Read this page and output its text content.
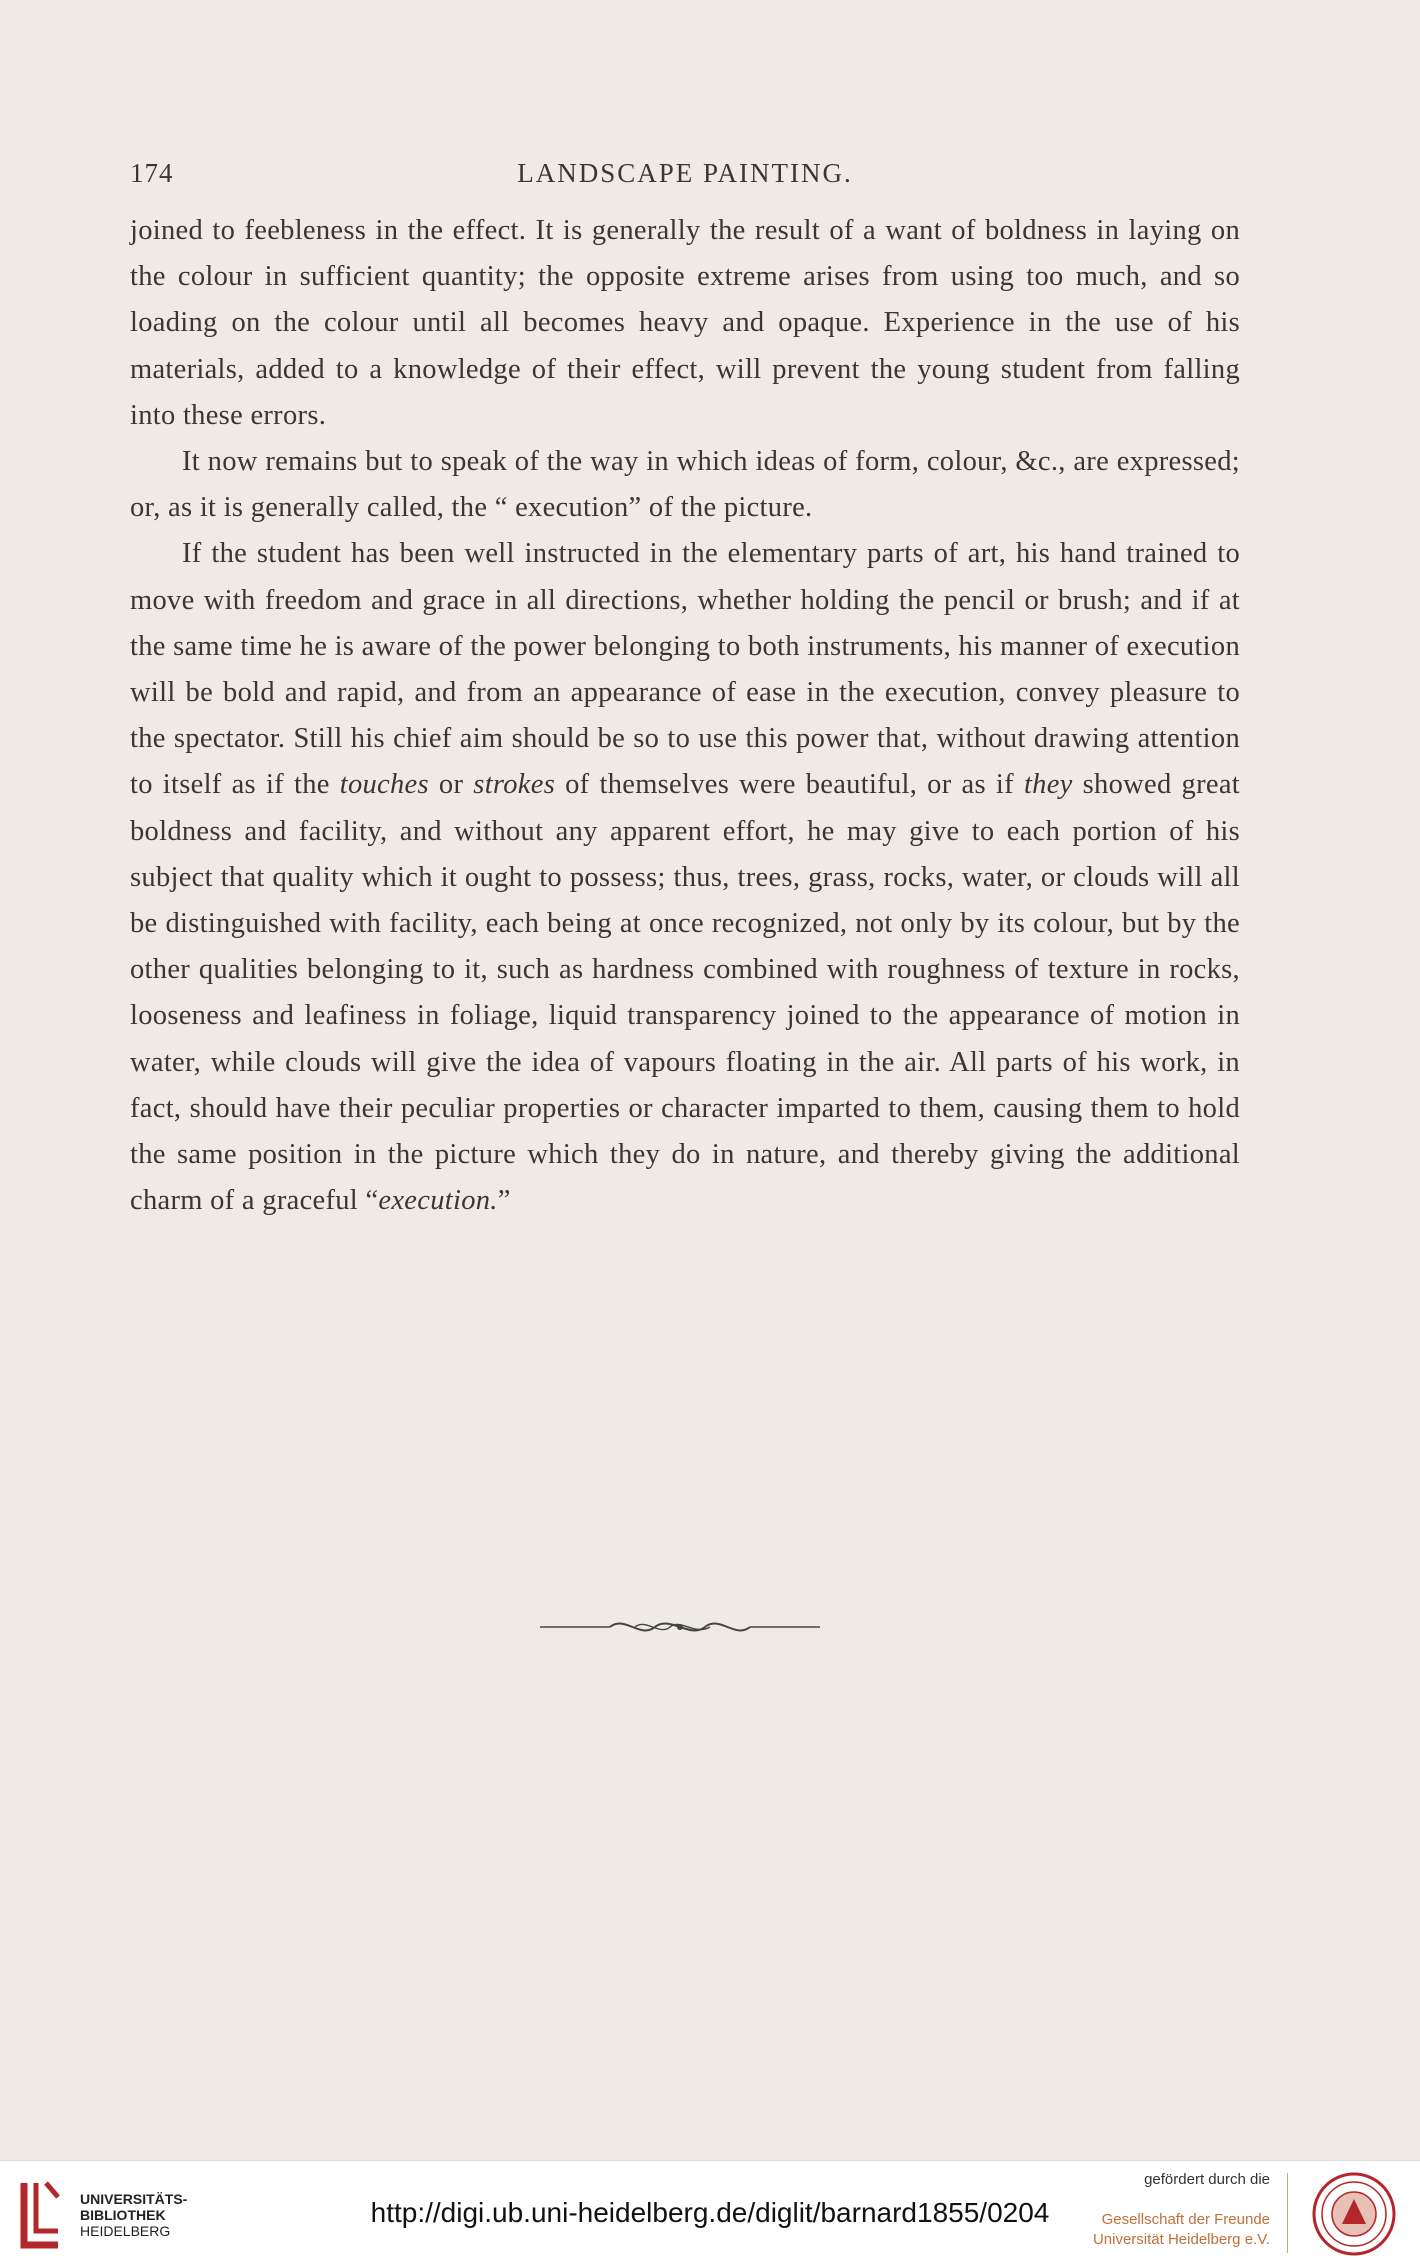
174	LANDSCAPE PAINTING.

joined to feebleness in the effect. It is generally the result of a want of boldness in laying on the colour in sufficient quantity; the opposite extreme arises from using too much, and so loading on the colour until all becomes heavy and opaque. Experience in the use of his materials, added to a knowledge of their effect, will prevent the young student from falling into these errors.

It now remains but to speak of the way in which ideas of form, colour, &c., are expressed; or, as it is generally called, the “ execution” of the picture.

If the student has been well instructed in the elementary parts of art, his hand trained to move with freedom and grace in all directions, whether holding the pencil or brush; and if at the same time he is aware of the power belonging to both instruments, his manner of execution will be bold and rapid, and from an appearance of ease in the execution, convey pleasure to the spectator. Still his chief aim should be so to use this power that, without drawing attention to itself as if the touches or strokes of themselves were beautiful, or as if they showed great boldness and facility, and without any apparent effort, he may give to each portion of his subject that quality which it ought to possess; thus, trees, grass, rocks, water, or clouds will all be distinguished with facility, each being at once recognized, not only by its colour, but by the other qualities belonging to it, such as hardness combined with roughness of texture in rocks, looseness and leafiness in foliage, liquid transparency joined to the appearance of motion in water, while clouds will give the idea of vapours floating in the air. All parts of his work, in fact, should have their peculiar properties or character imparted to them, causing them to hold the same position in the picture which they do in nature, and thereby giving the additional charm of a graceful “execution.”

UNIVERSITÄTS-
BIBLIOTHEK
HEIDELBERG
http://digi.ub.uni-heidelberg.de/diglit/barnard1855/0204
gefördert durch die
Gesellschaft der Freunde
Universität Heidelberg e.V.
